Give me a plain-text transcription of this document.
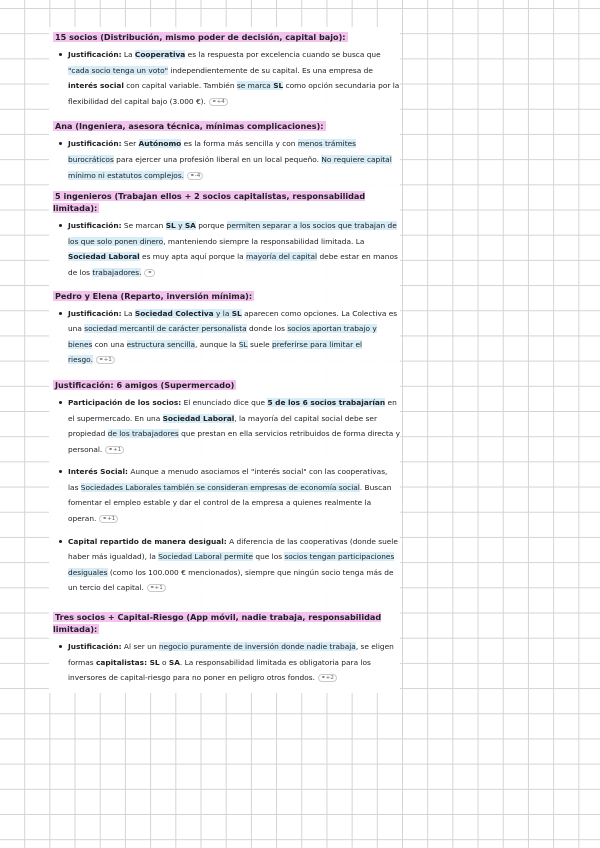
15 socios (Distribución, mismo poder de decisión, capital bajo):
Justificación: La Cooperativa es la respuesta por excelencia cuando se busca que "cada socio tenga un voto" independientemente de su capital. Es una empresa de interés social con capital variable. También se marca SL como opción secundaria por la flexibilidad del capital bajo (3.000 €). ⚭+4
Ana (Ingeniera, asesora técnica, mínimas complicaciones):
Justificación: Ser Autónomo es la forma más sencilla y con menos trámites burocráticos para ejercer una profesión liberal en un local pequeño. No requiere capital mínimo ni estatutos complejos. ⚭-4
5 ingenieros (Trabajan ellos + 2 socios capitalistas, responsabilidad limitada):
Justificación: Se marcan SL y SA porque permiten separar a los socios que trabajan de los que solo ponen dinero, manteniendo siempre la responsabilidad limitada. La Sociedad Laboral es muy apta aquí porque la mayoría del capital debe estar en manos de los trabajadores. ⚭
Pedro y Elena (Reparto, inversión mínima):
Justificación: La Sociedad Colectiva y la SL aparecen como opciones. La Colectiva es una sociedad mercantil de carácter personalista donde los socios aportan trabajo y bienes con una estructura sencilla, aunque la SL suele preferirse para limitar el riesgo. ⚭+1
Justificación: 6 amigos (Supermercado)
Participación de los socios: El enunciado dice que 5 de los 6 socios trabajarían en el supermercado. En una Sociedad Laboral, la mayoría del capital social debe ser propiedad de los trabajadores que prestan en ella servicios retribuidos de forma directa y personal. ⚭+1
Interés Social: Aunque a menudo asociamos el "interés social" con las cooperativas, las Sociedades Laborales también se consideran empresas de economía social. Buscan fomentar el empleo estable y dar el control de la empresa a quienes realmente la operan. ⚭+1
Capital repartido de manera desigual: A diferencia de las cooperativas (donde suele haber más igualdad), la Sociedad Laboral permite que los socios tengan participaciones desiguales (como los 100.000 € mencionados), siempre que ningún socio tenga más de un tercio del capital. ⚭+1
Tres socios + Capital-Riesgo (App móvil, nadie trabaja, responsabilidad limitada):
Justificación: Al ser un negocio puramente de inversión donde nadie trabaja, se eligen formas capitalistas: SL o SA. La responsabilidad limitada es obligatoria para los inversores de capital-riesgo para no poner en peligro otros fondos. ⚭+2
